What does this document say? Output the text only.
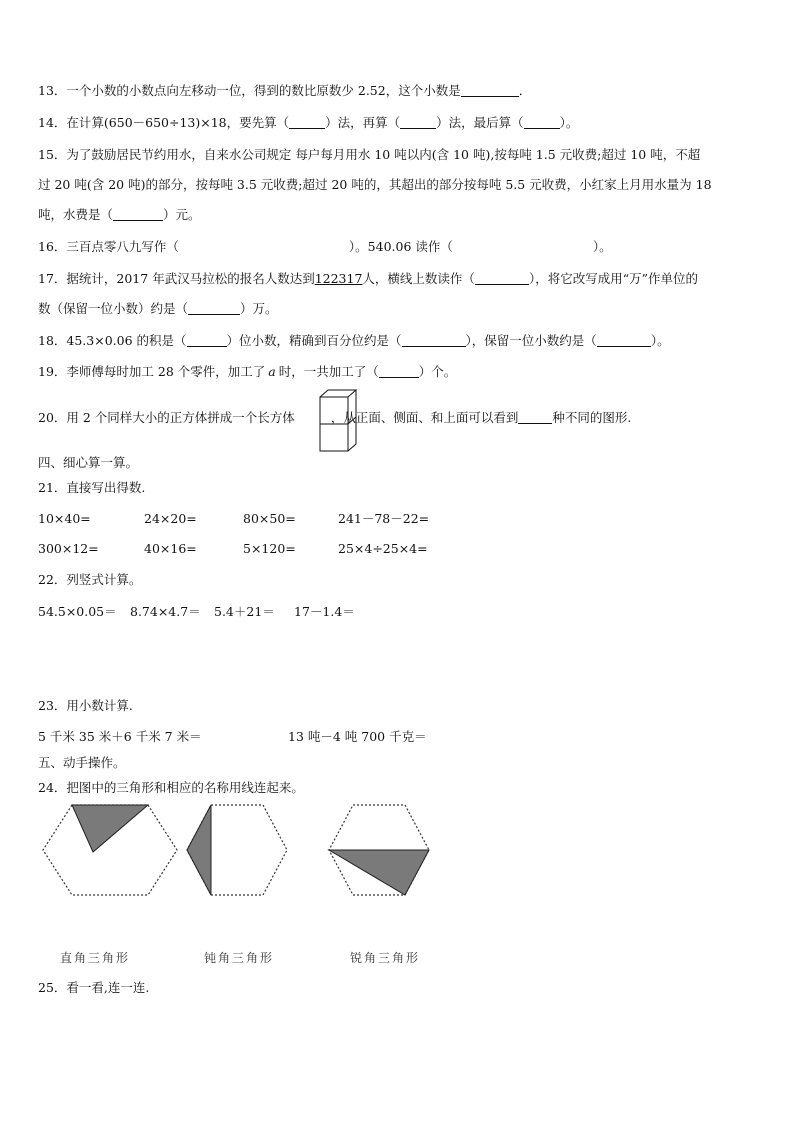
13．一个小数的小数点向左移动一位，得到的数比原数少 2.52，这个小数是	．
14．在计算(650－650÷13)×18，要先算（	）法，再算（	）法，最后算（	）。
15．为了鼓励居民节约用水，自来水公司规定 每户每月用水 10 吨以内(含 10 吨),按每吨 1.5 元收费;超过 10 吨，不超
过 20 吨(含 20 吨)的部分，按每吨 3.5 元收费;超过 20 吨的，其超出的部分按每吨 5.5 元收费，小红家上月用水量为 18
吨，水费是（	）元。
16．三百点零八九写作（	）。540.06 读作（	）。
17．据统计，2017 年武汉马拉松的报名人数达到122317人，横线上数读作（	），将它改写成用“万”作单位的
数（保留一位小数）约是（	）万。
18．45.3×0.06 的积是（	）位小数，精确到百分位约是（	），保留一位小数约是（	）。
19．李师傅每时加工 28 个零件，加工了 a 时，一共加工了（	）个。
20．用 2 个同样大小的正方体拼成一个长方体	，从正面、侧面、和上面可以看到	种不同的图形.
四、细心算一算。
21．直接写出得数.
10×40=	24×20=	80×50=	241－78－22=
300×12=	40×16=	5×120=	25×4÷25×4=
22．列竖式计算。
54.5×0.05＝ 8.74×4.7＝ 5.4＋21＝ 17－1.4＝
23．用小数计算.
5 千米 35 米＋6 千米 7 米＝	13 吨－4 吨 700 千克＝
五、动手操作。
24．把图中的三角形和相应的名称用线连起来。
直角三角形	钝角三角形	锐角三角形
25．看一看,连一连.
